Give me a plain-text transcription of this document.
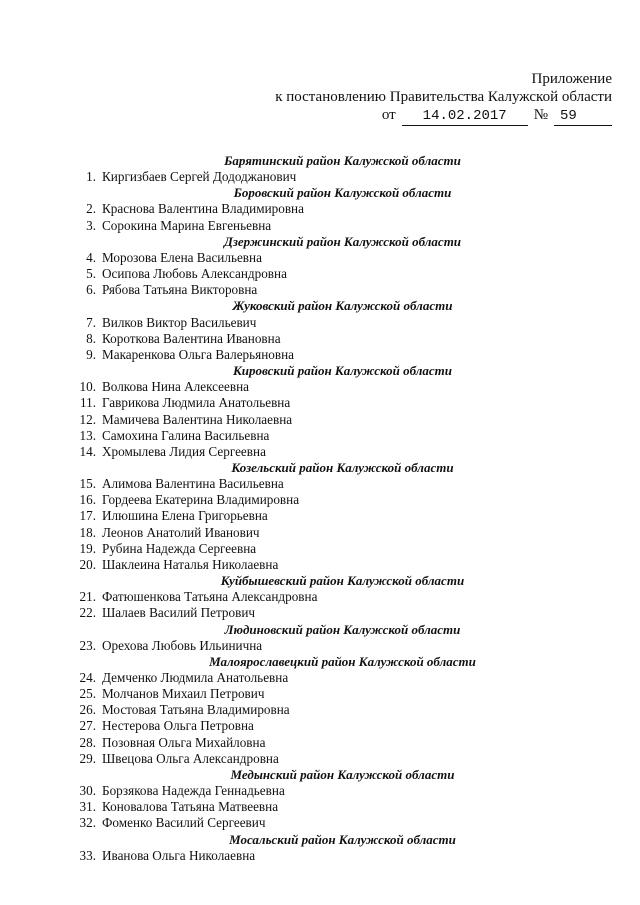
Приложение
к постановлению Правительства Калужской области
от	14.02.2017	№ 59
Барятинский район Калужской области
1. Киргизбаев Сергей Дододжанович
Боровский район Калужской области
2. Краснова Валентина Владимировна
3. Сорокина Марина Евгеньевна
Дзержинский район Калужской области
4. Морозова Елена Васильевна
5. Осипова Любовь Александровна
6. Рябова Татьяна Викторовна
Жуковский район Калужской области
7. Вилков Виктор Васильевич
8. Короткова Валентина Ивановна
9. Макаренкова Ольга Валерьяновна
Кировский район Калужской области
10. Волкова Нина Алексеевна
11. Гаврикова Людмила Анатольевна
12. Мамичева Валентина Николаевна
13. Самохина Галина Васильевна
14. Хромылева Лидия Сергеевна
Козельский район Калужской области
15. Алимова Валентина Васильевна
16. Гордеева Екатерина Владимировна
17. Илюшина Елена Григорьевна
18. Леонов Анатолий Иванович
19. Рубина Надежда Сергеевна
20. Шаклеина Наталья Николаевна
Куйбышевский район Калужской области
21. Фатюшенкова Татьяна Александровна
22. Шалаев Василий Петрович
Людиновский район Калужской области
23. Орехова Любовь Ильинична
Малоярославецкий район Калужской области
24. Демченко Людмила Анатольевна
25. Молчанов Михаил Петрович
26. Мостовая Татьяна Владимировна
27. Нестерова Ольга Петровна
28. Позовная Ольга Михайловна
29. Швецова Ольга Александровна
Медынский район Калужской области
30. Борзякова Надежда Геннадьевна
31. Коновалова Татьяна Матвеевна
32. Фоменко Василий Сергеевич
Мосальский район Калужской области
33. Иванова Ольга Николаевна
